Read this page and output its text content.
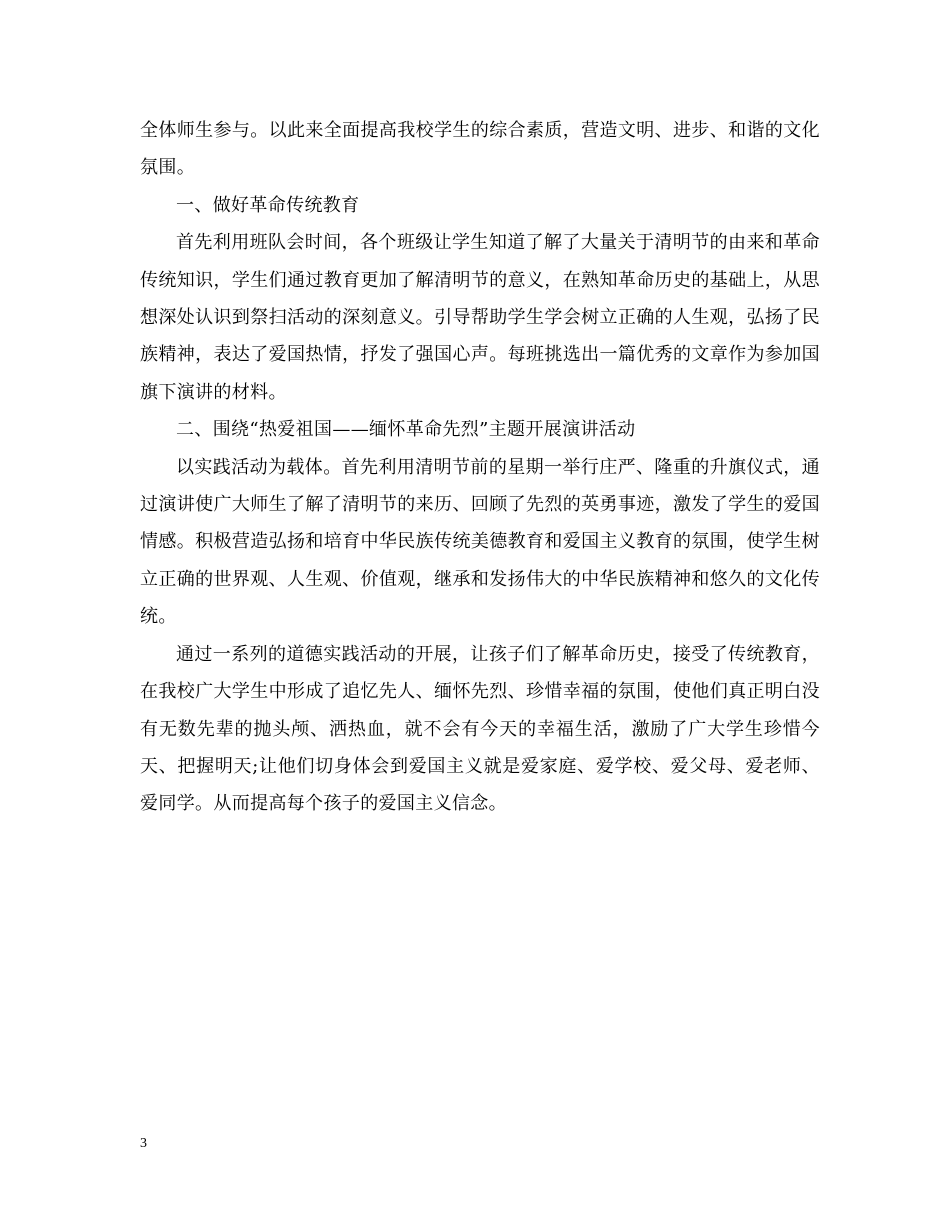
全体师生参与。以此来全面提高我校学生的综合素质，营造文明、进步、和谐的文化氛围。

一、做好革命传统教育

首先利用班队会时间，各个班级让学生知道了解了大量关于清明节的由来和革命传统知识，学生们通过教育更加了解清明节的意义，在熟知革命历史的基础上，从思想深处认识到祭扫活动的深刻意义。引导帮助学生学会树立正确的人生观，弘扬了民族精神，表达了爱国热情，抒发了强国心声。每班挑选出一篇优秀的文章作为参加国旗下演讲的材料。

二、围绕“热爱祖国——缅怀革命先烈”主题开展演讲活动

以实践活动为载体。首先利用清明节前的星期一举行庄严、隆重的升旗仪式，通过演讲使广大师生了解了清明节的来历、回顾了先烈的英勇事迹，激发了学生的爱国情感。积极营造弘扬和培育中华民族传统美德教育和爱国主义教育的氛围，使学生树立正确的世界观、人生观、价值观，继承和发扬伟大的中华民族精神和悠久的文化传统。

通过一系列的道德实践活动的开展，让孩子们了解革命历史，接受了传统教育，在我校广大学生中形成了追忆先人、缅怀先烈、珍惜幸福的氛围，使他们真正明白没有无数先辈的抛头颅、洒热血，就不会有今天的幸福生活，激励了广大学生珍惜今天、把握明天;让他们切身体会到爱国主义就是爱家庭、爱学校、爱父母、爱老师、爱同学。从而提高每个孩子的爱国主义信念。

3
